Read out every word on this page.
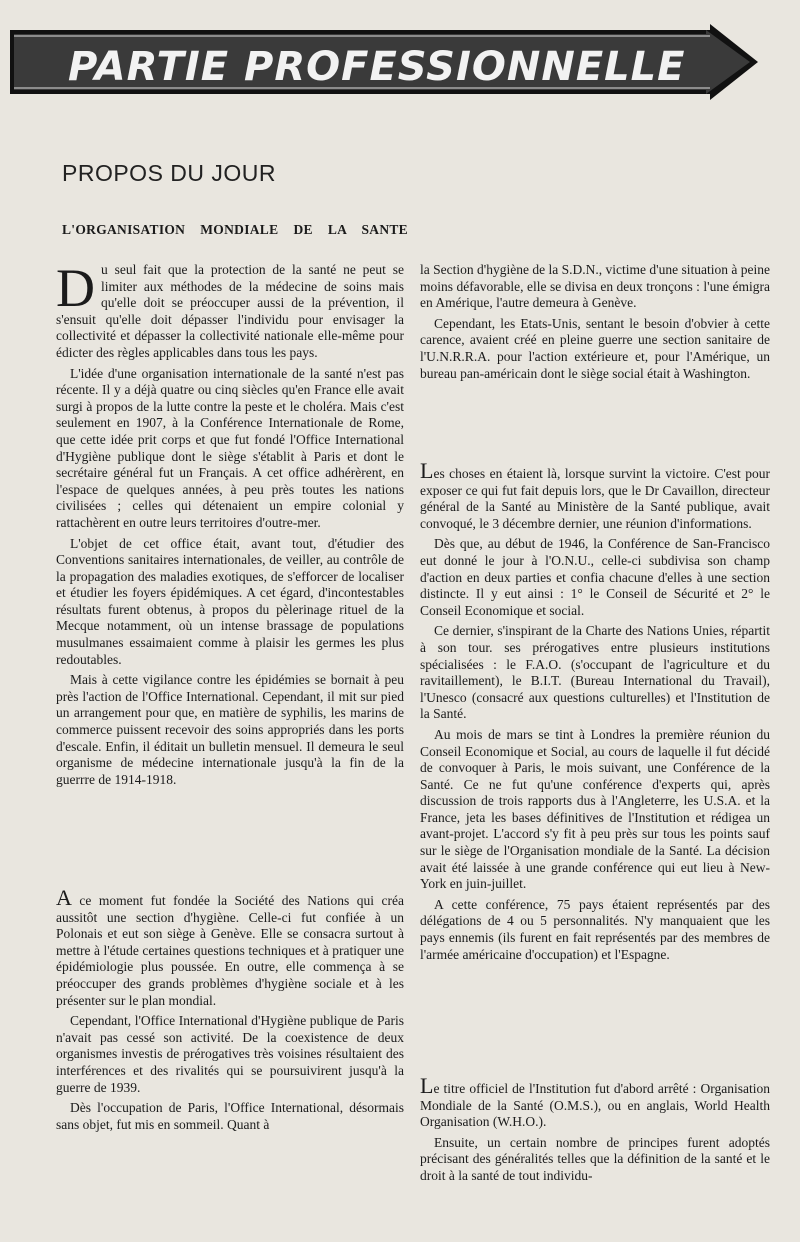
PARTIE PROFESSIONNELLE
PROPOS DU JOUR
L'ORGANISATION MONDIALE DE LA SANTE

Du seul fait que la protection de la santé ne peut se limiter aux méthodes de la médecine de soins mais qu'elle doit se préoccuper aussi de la prévention, il s'ensuit qu'elle doit dépasser l'individu pour envisager la collectivité et dépasser la collectivité nationale elle-même pour édicter des règles applicables dans tous les pays.

L'idée d'une organisation internationale de la santé n'est pas récente. Il y a déjà quatre ou cinq siècles qu'en France elle avait surgi à propos de la lutte contre la peste et le choléra. Mais c'est seulement en 1907, à la Conférence Internationale de Rome, que cette idée prit corps et que fut fondé l'Office International d'Hygiène publique dont le siège s'établit à Paris et dont le secrétaire général fut un Français. A cet office adhérèrent, en l'espace de quelques années, à peu près toutes les nations civilisées ; celles qui détenaient un empire colonial y rattachèrent en outre leurs territoires d'outre-mer.

L'objet de cet office était, avant tout, d'étudier des Conventions sanitaires internationales, de veiller, au contrôle de la propagation des maladies exotiques, de s'efforcer de localiser et étudier les foyers épidémiques. A cet égard, d'incontestables résultats furent obtenus, à propos du pèlerinage rituel de la Mecque notamment, où un intense brassage de populations musulmanes essaimaient comme à plaisir les germes les plus redoutables.

Mais à cette vigilance contre les épidémies se bornait à peu près l'action de l'Office International. Cependant, il mit sur pied un arrangement pour que, en matière de syphilis, les marins de commerce puissent recevoir des soins appropriés dans les ports d'escale. Enfin, il éditait un bulletin mensuel. Il demeura le seul organisme de médecine internationale jusqu'à la fin de la guerrre de 1914-1918.

A ce moment fut fondée la Société des Nations qui créa aussitôt une section d'hygiène. Celle-ci fut confiée à un Polonais et eut son siège à Genève. Elle se consacra surtout à mettre à l'étude certaines questions techniques et à pratiquer une épidémiologie plus poussée. En outre, elle commença à se préoccuper des grands problèmes d'hygiène sociale et à les présenter sur le plan mondial.

Cependant, l'Office International d'Hygiène publique de Paris n'avait pas cessé son activité. De la coexistence de deux organismes investis de prérogatives très voisines résultaient des interférences et des rivalités qui se poursuivirent jusqu'à la guerre de 1939.

Dès l'occupation de Paris, l'Office International, désormais sans objet, fut mis en sommeil. Quant à

la Section d'hygiène de la S.D.N., victime d'une situation à peine moins défavorable, elle se divisa en deux tronçons : l'une émigra en Amérique, l'autre demeura à Genève.

Cependant, les Etats-Unis, sentant le besoin d'obvier à cette carence, avaient créé en pleine guerre une section sanitaire de l'U.N.R.R.A. pour l'action extérieure et, pour l'Amérique, un bureau pan-américain dont le siège social était à Washington.

Les choses en étaient là, lorsque survint la victoire. C'est pour exposer ce qui fut fait depuis lors, que le Dr Cavaillon, directeur général de la Santé au Ministère de la Santé publique, avait convoqué, le 3 décembre dernier, une réunion d'informations.

Dès que, au début de 1946, la Conférence de San-Francisco eut donné le jour à l'O.N.U., celle-ci subdivisa son champ d'action en deux parties et confia chacune d'elles à une section distincte. Il y eut ainsi : 1° le Conseil de Sécurité et 2° le Conseil Economique et social.

Ce dernier, s'inspirant de la Charte des Nations Unies, répartit à son tour. ses prérogatives entre plusieurs institutions spécialisées : le F.A.O. (s'occupant de l'agriculture et du ravitaillement), le B.I.T. (Bureau International du Travail), l'Unesco (consacré aux questions culturelles) et l'Institution de la Santé.

Au mois de mars se tint à Londres la première réunion du Conseil Economique et Social, au cours de laquelle il fut décidé de convoquer à Paris, le mois suivant, une Conférence de la Santé. Ce ne fut qu'une conférence d'experts qui, après discussion de trois rapports dus à l'Angleterre, les U.S.A. et la France, jeta les bases définitives de l'Institution et rédigea un avant-projet. L'accord s'y fit à peu près sur tous les points sauf sur le siège de l'Organisation mondiale de la Santé. La décision avait été laissée à une grande conférence qui eut lieu à New-York en juin-juillet.

A cette conférence, 75 pays étaient représentés par des délégations de 4 ou 5 personnalités. N'y manquaient que les pays ennemis (ils furent en fait représentés par des membres de l'armée américaine d'occupation) et l'Espagne.

Le titre officiel de l'Institution fut d'abord arrêté : Organisation Mondiale de la Santé (O.M.S.), ou en anglais, World Health Organisation (W.H.O.).

Ensuite, un certain nombre de principes furent adoptés précisant des généralités telles que la définition de la santé et le droit à la santé de tout individu-
